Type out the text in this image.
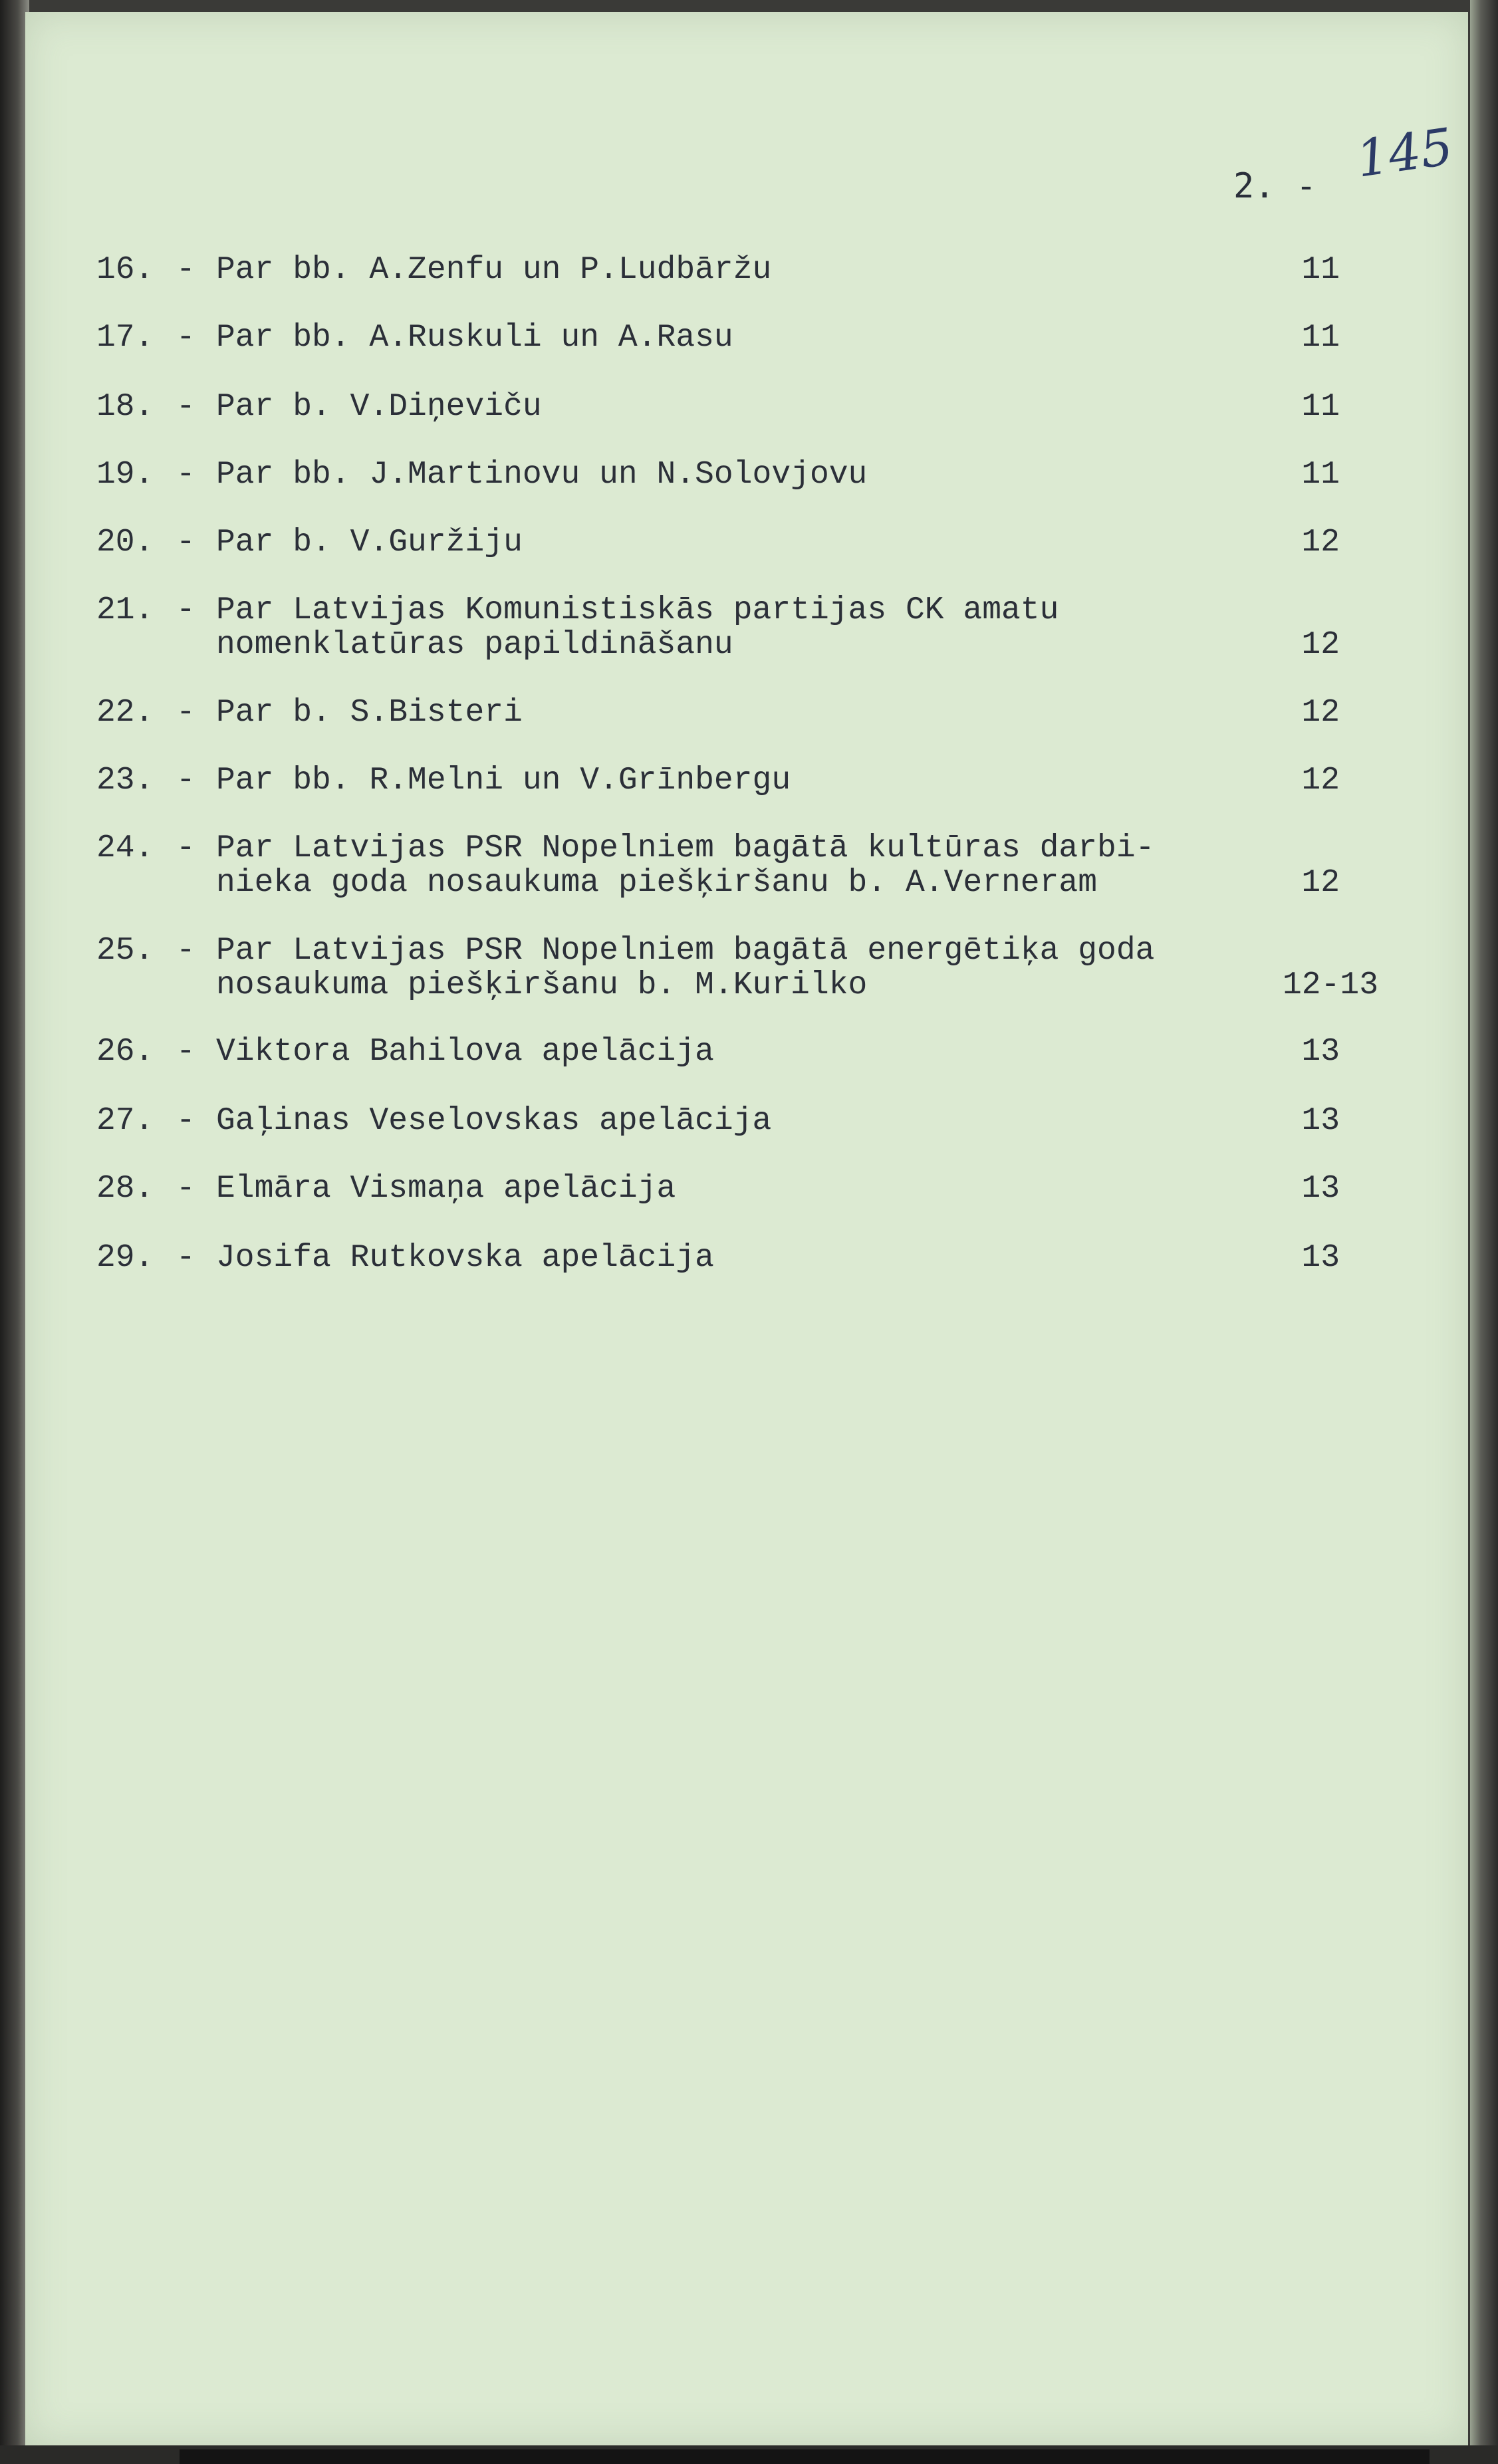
2. - 145
16. - Par bb. A.Zenfu un P.Ludbāržu	11
17. - Par bb. A.Ruskuli un A.Rasu	11
18. - Par b. V.Diņeviču	11
19. - Par bb. J.Martinovu un N.Solovjovu	11
20. - Par b. V.Guržiju	12
21. - Par Latvijas Komunistiskās partijas CK amatu
nomenklatūras papildināšanu	12
22. - Par b. S.Bisteri	12
23. - Par bb. R.Melni un V.Grīnbergu	12
24. - Par Latvijas PSR Nopelniem bagātā kultūras darbi-
nieka goda nosaukuma piešķiršanu b. A.Verneram	12
25. - Par Latvijas PSR Nopelniem bagātā energētiķa goda
nosaukuma piešķiršanu b. M.Kurilko	12-13
26. - Viktora Bahilova apelācija	13
27. - Gaļinas Veselovskas apelācija	13
28. - Elmāra Vismaņa apelācija	13
29. - Josifa Rutkovska apelācija	13
